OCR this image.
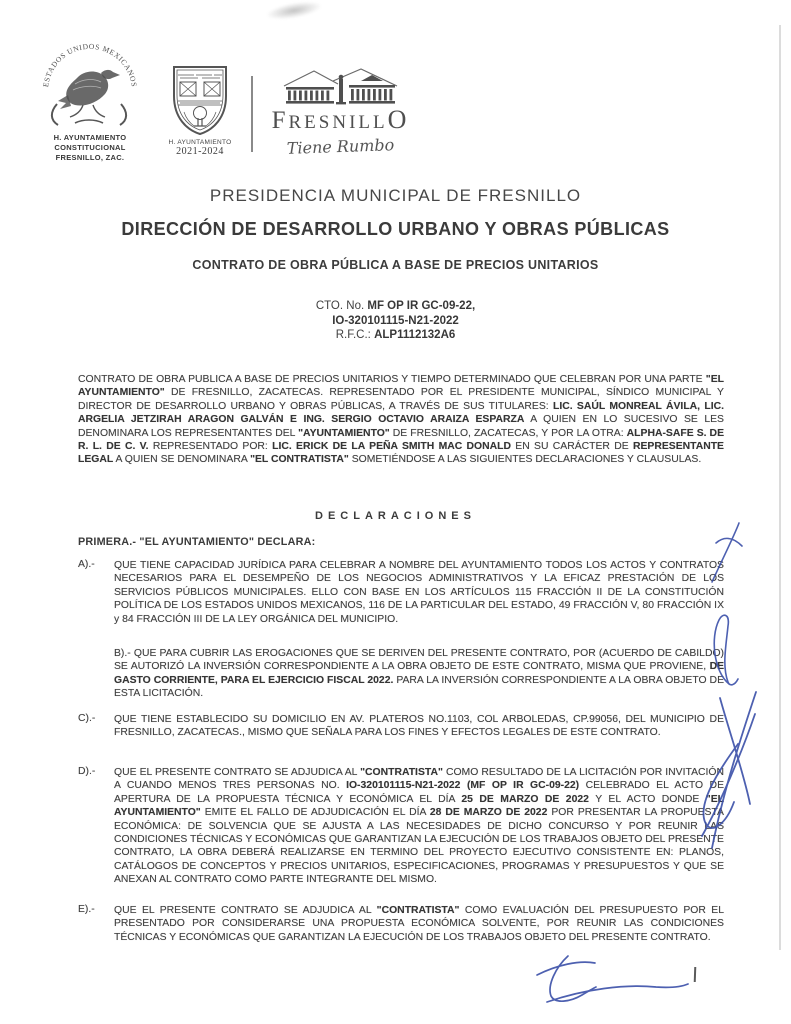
ESTADOS UNIDOS MEXICANOS
H. AYUNTAMIENTO
CONSTITUCIONAL
FRESNILLO, ZAC.
H. AYUNTAMIENTO
2021-2024
FRESNILLO
Tiene Rumbo
PRESIDENCIA MUNICIPAL DE FRESNILLO
DIRECCIÓN DE DESARROLLO URBANO Y OBRAS PÚBLICAS
CONTRATO DE OBRA PÚBLICA A BASE DE PRECIOS UNITARIOS
CTO. No. MF OP IR GC-09-22,
IO-320101115-N21-2022
R.F.C.: ALP1112132A6

CONTRATO DE OBRA PUBLICA A BASE DE PRECIOS UNITARIOS Y TIEMPO DETERMINADO QUE CELEBRAN POR UNA PARTE "EL AYUNTAMIENTO" DE FRESNILLO, ZACATECAS. REPRESENTADO POR EL PRESIDENTE MUNICIPAL, SÍNDICO MUNICIPAL Y DIRECTOR DE DESARROLLO URBANO Y OBRAS PÚBLICAS, A TRAVÉS DE SUS TITULARES: LIC. SAÚL MONREAL ÁVILA, LIC. ARGELIA JETZIRAH ARAGON GALVÁN E ING. SERGIO OCTAVIO ARAIZA ESPARZA A QUIEN EN LO SUCESIVO SE LES DENOMINARA LOS REPRESENTANTES DEL "AYUNTAMIENTO" DE FRESNILLO, ZACATECAS, Y POR LA OTRA: ALPHA-SAFE S. DE R. L. DE C. V. REPRESENTADO POR: LIC. ERICK DE LA PEÑA SMITH MAC DONALD EN SU CARÁCTER DE REPRESENTANTE LEGAL A QUIEN SE DENOMINARA "EL CONTRATISTA" SOMETIÉNDOSE A LAS SIGUIENTES DECLARACIONES Y CLAUSULAS.

DECLARACIONES
PRIMERA.- "EL AYUNTAMIENTO" DECLARA:
A).- QUE TIENE CAPACIDAD JURÍDICA PARA CELEBRAR A NOMBRE DEL AYUNTAMIENTO TODOS LOS ACTOS Y CONTRATOS NECESARIOS PARA EL DESEMPEÑO DE LOS NEGOCIOS ADMINISTRATIVOS Y LA EFICAZ PRESTACIÓN DE LOS SERVICIOS PÚBLICOS MUNICIPALES. ELLO CON BASE EN LOS ARTÍCULOS 115 FRACCIÓN II DE LA CONSTITUCIÓN POLÍTICA DE LOS ESTADOS UNIDOS MEXICANOS, 116 DE LA PARTICULAR DEL ESTADO, 49 FRACCIÓN V, 80 FRACCIÓN IX y 84 FRACCIÓN III DE LA LEY ORGÁNICA DEL MUNICIPIO.

B).- QUE PARA CUBRIR LAS EROGACIONES QUE SE DERIVEN DEL PRESENTE CONTRATO, POR (ACUERDO DE CABILDO) SE AUTORIZÓ LA INVERSIÓN CORRESPONDIENTE A LA OBRA OBJETO DE ESTE CONTRATO, MISMA QUE PROVIENE, DE GASTO CORRIENTE, PARA EL EJERCICIO FISCAL 2022. PARA LA INVERSIÓN CORRESPONDIENTE A LA OBRA OBJETO DE ESTA LICITACIÓN.

C).- QUE TIENE ESTABLECIDO SU DOMICILIO EN AV. PLATEROS NO.1103, COL ARBOLEDAS, CP.99056, DEL MUNICIPIO DE FRESNILLO, ZACATECAS., MISMO QUE SEÑALA PARA LOS FINES Y EFECTOS LEGALES DE ESTE CONTRATO.

D).- QUE EL PRESENTE CONTRATO SE ADJUDICA AL "CONTRATISTA" COMO RESULTADO DE LA LICITACIÓN POR INVITACIÓN A CUANDO MENOS TRES PERSONAS NO. IO-320101115-N21-2022 (MF OP IR GC-09-22) CELEBRADO EL ACTO DE APERTURA DE LA PROPUESTA TÉCNICA Y ECONÓMICA EL DÍA 25 DE MARZO DE 2022 Y EL ACTO DONDE "EL AYUNTAMIENTO" EMITE EL FALLO DE ADJUDICACIÓN EL DÍA 28 DE MARZO DE 2022 POR PRESENTAR LA PROPUESTA ECONÓMICA: DE SOLVENCIA QUE SE AJUSTA A LAS NECESIDADES DE DICHO CONCURSO Y POR REUNIR LAS CONDICIONES TÉCNICAS Y ECONÓMICAS QUE GARANTIZAN LA EJECUCIÓN DE LOS TRABAJOS OBJETO DEL PRESENTE CONTRATO, LA OBRA DEBERÁ REALIZARSE EN TERMINO DEL PROYECTO EJECUTIVO CONSISTENTE EN: PLANOS, CATÁLOGOS DE CONCEPTOS Y PRECIOS UNITARIOS, ESPECIFICACIONES, PROGRAMAS Y PRESUPUESTOS Y QUE SE ANEXAN AL CONTRATO COMO PARTE INTEGRANTE DEL MISMO.

E).- QUE EL PRESENTE CONTRATO SE ADJUDICA AL "CONTRATISTA" COMO EVALUACIÓN DEL PRESUPUESTO POR EL PRESENTADO POR CONSIDERARSE UNA PROPUESTA ECONÓMICA SOLVENTE, POR REUNIR LAS CONDICIONES TÉCNICAS Y ECONÓMICAS QUE GARANTIZAN LA EJECUCIÓN DE LOS TRABAJOS OBJETO DEL PRESENTE CONTRATO.
